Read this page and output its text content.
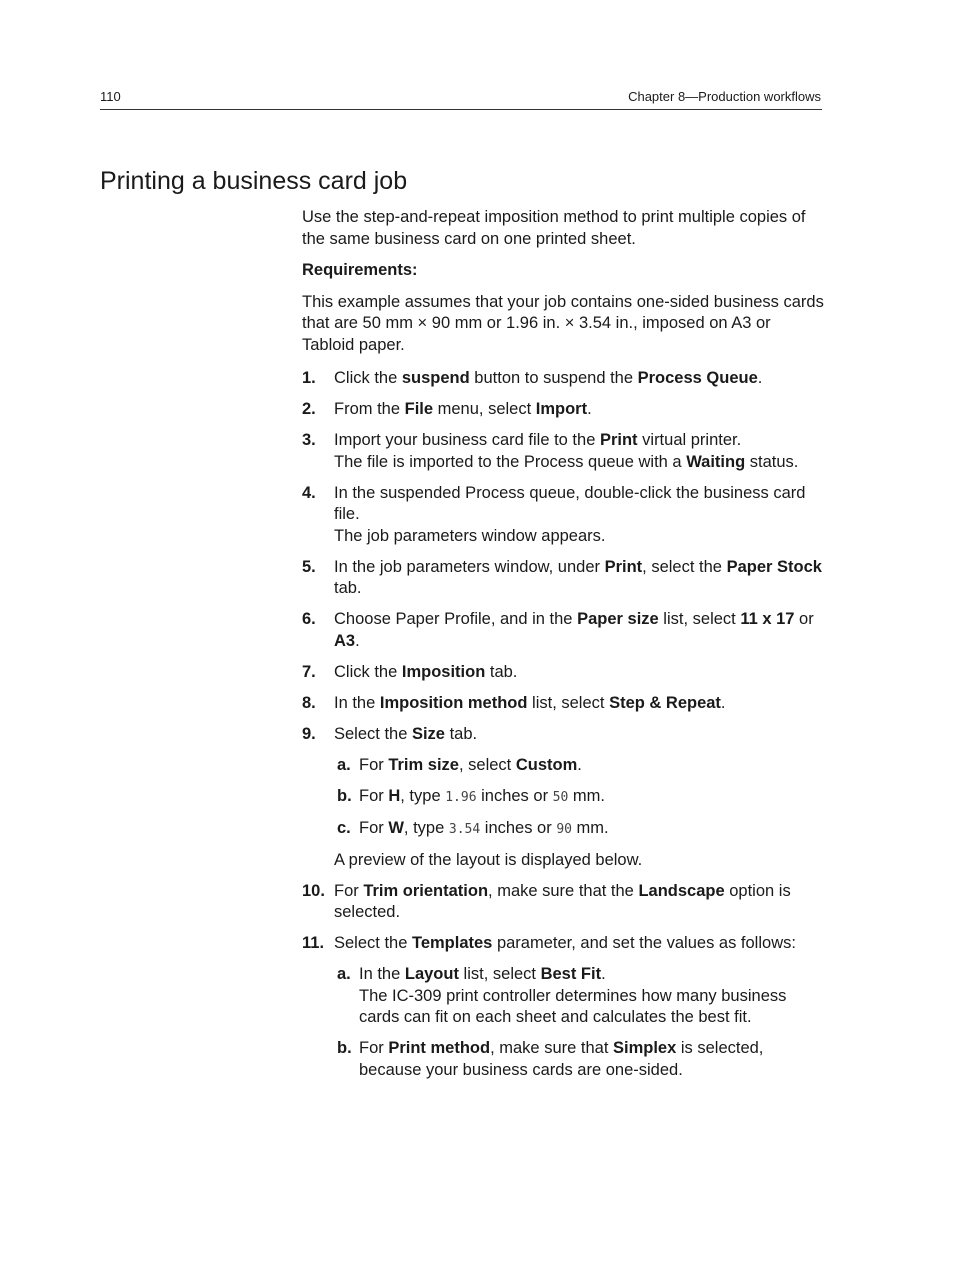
110	Chapter 8—Production workflows
Printing a business card job

Use the step-and-repeat imposition method to print multiple copies of the same business card on one printed sheet.

Requirements:

This example assumes that your job contains one-sided business cards that are 50 mm × 90 mm or 1.96 in. × 3.54 in., imposed on A3 or Tabloid paper.

1.	Click the suspend button to suspend the Process Queue.
2.	From the File menu, select Import.
3.	Import your business card file to the Print virtual printer.
The file is imported to the Process queue with a Waiting status.
4.	In the suspended Process queue, double-click the business card file.
The job parameters window appears.
5.	In the job parameters window, under Print, select the Paper Stock tab.
6.	Choose Paper Profile, and in the Paper size list, select 11 x 17 or A3.
7.	Click the Imposition tab.
8.	In the Imposition method list, select Step & Repeat.
9.	Select the Size tab.
a. For Trim size, select Custom.
b. For H, type 1.96 inches or 50 mm.
c. For W, type 3.54 inches or 90 mm.
A preview of the layout is displayed below.
10. For Trim orientation, make sure that the Landscape option is selected.
11. Select the Templates parameter, and set the values as follows:
a. In the Layout list, select Best Fit.
The IC-309 print controller determines how many business cards can fit on each sheet and calculates the best fit.
b. For Print method, make sure that Simplex is selected, because your business cards are one-sided.
